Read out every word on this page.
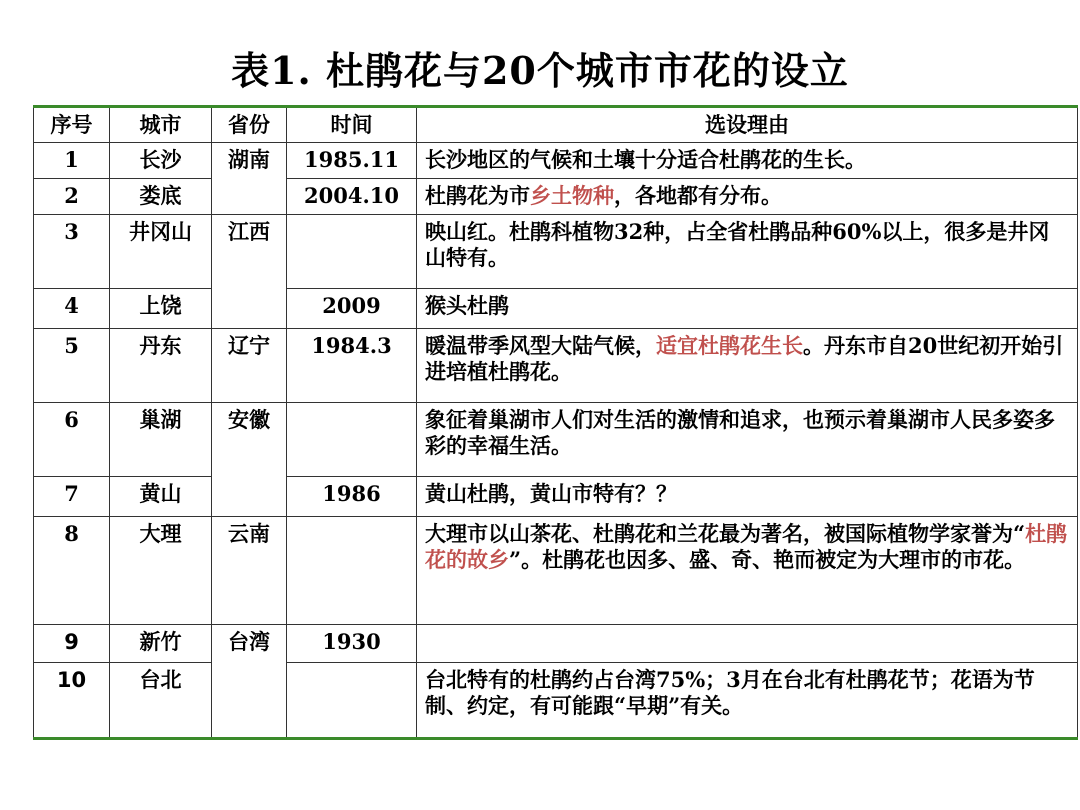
表1. 杜鹃花与20个城市市花的设立
序号	城市	省份	时间	选设理由
1	长沙	湖南	1985.11	长沙地区的气候和土壤十分适合杜鹃花的生长。
2	娄底		2004.10	杜鹃花为市乡土物种，各地都有分布。
3	井冈山	江西		映山红。杜鹃科植物32种，占全省杜鹃品种60%以上，很多是井冈山特有。
4	上饶		2009	猴头杜鹃
5	丹东	辽宁	1984.3	暖温带季风型大陆气候，适宜杜鹃花生长。丹东市自20世纪初开始引进培植杜鹃花。
6	巢湖	安徽		象征着巢湖市人们对生活的激情和追求，也预示着巢湖市人民多姿多彩的幸福生活。
7	黄山		1986	黄山杜鹃，黄山市特有？？
8	大理	云南		大理市以山茶花、杜鹃花和兰花最为著名，被国际植物学家誉为“杜鹃花的故乡”。杜鹃花也因多、盛、奇、艳而被定为大理市的市花。
9	新竹	台湾	1930	
10	台北			台北特有的杜鹃约占台湾75%；3月在台北有杜鹃花节；花语为节制、约定，有可能跟“早期”有关。
